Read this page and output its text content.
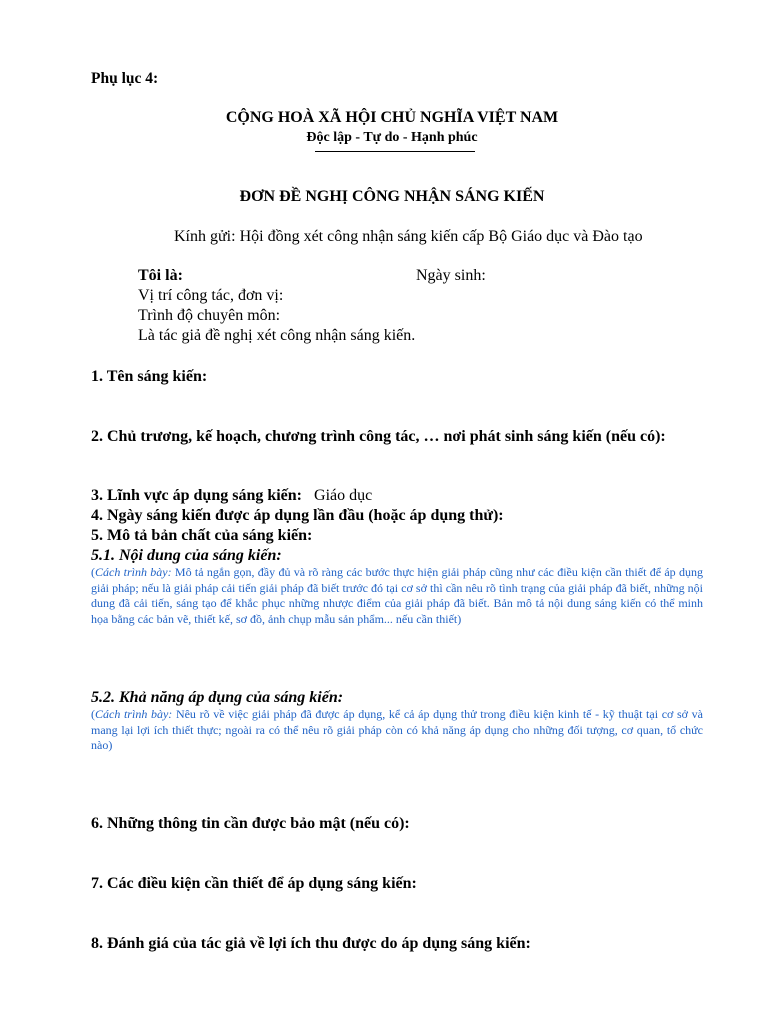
Phụ lục 4:
CỘNG HOÀ XÃ HỘI CHỦ NGHĨA VIỆT NAM
Độc lập - Tự do - Hạnh phúc
ĐƠN ĐỀ NGHỊ CÔNG NHẬN SÁNG KIẾN
Kính gửi: Hội đồng xét công nhận sáng kiến cấp Bộ Giáo dục và Đào tạo
Tôi là:	Ngày sinh:
Vị trí công tác, đơn vị:
Trình độ chuyên môn:
Là tác giả đề nghị xét công nhận sáng kiến.
1. Tên sáng kiến:
2. Chủ trương, kế hoạch, chương trình công tác, … nơi phát sinh sáng kiến (nếu có):
3. Lĩnh vực áp dụng sáng kiến: Giáo dục
4. Ngày sáng kiến được áp dụng lần đầu (hoặc áp dụng thử):
5. Mô tả bản chất của sáng kiến:
5.1. Nội dung của sáng kiến:
(Cách trình bày: Mô tả ngắn gọn, đầy đủ và rõ ràng các bước thực hiện giải pháp cũng như các điều kiện cần thiết để áp dụng giải pháp; nếu là giải pháp cải tiến giải pháp đã biết trước đó tại cơ sở thì cần nêu rõ tình trạng của giải pháp đã biết, những nội dung đã cải tiến, sáng tạo để khắc phục những nhược điểm của giải pháp đã biết. Bản mô tả nội dung sáng kiến có thể minh họa bằng các bản vẽ, thiết kế, sơ đồ, ảnh chụp mẫu sản phẩm... nếu cần thiết)
5.2. Khả năng áp dụng của sáng kiến:
(Cách trình bày: Nêu rõ về việc giải pháp đã được áp dụng, kể cả áp dụng thử trong điều kiện kinh tế - kỹ thuật tại cơ sở và mang lại lợi ích thiết thực; ngoài ra có thể nêu rõ giải pháp còn có khả năng áp dụng cho những đối tượng, cơ quan, tổ chức nào)
6. Những thông tin cần được bảo mật (nếu có):
7. Các điều kiện cần thiết để áp dụng sáng kiến:
8. Đánh giá của tác giả về lợi ích thu được do áp dụng sáng kiến:
